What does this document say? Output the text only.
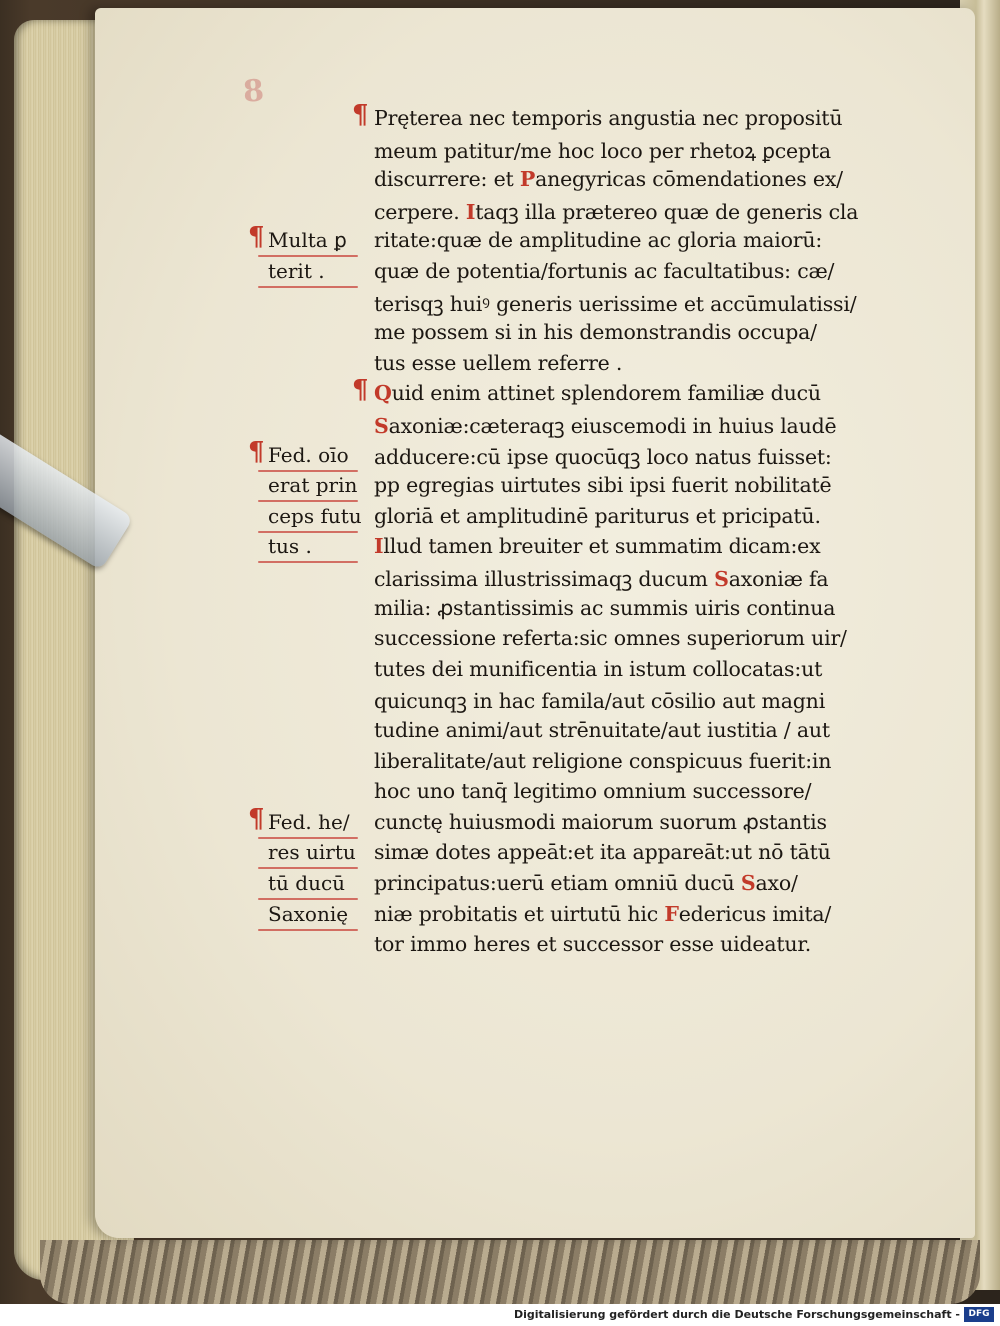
8
¶ Multa ꝑ
terit .
¶ Fed. oīo
erat prin
ceps futu
tus .
¶ Fed. he/
res uirtu
tū ducū
Saxonię
Pręterea nec temporis angustia nec propositū
¶
meum patitur/me hoc loco per rhetoꝝ ꝑcepta
discurrere: et Panegyricas cōmendationes ex/
cerpere. Itaqꝫ illa prӕtereo quӕ de generis cla
ritate:quӕ de amplitudine ac gloria maiorū:
quӕ de potentia/fortunis ac facultatibus: cӕ/
terisqꝫ huiꝰ generis uerissime et accūmulatissi/
me possem si in his demonstrandis occupa/
tus esse uellem referre .
Quid enim attinet splendorem familiӕ ducū
¶
Saxoniӕ:cӕteraqꝫ eiuscemodi in huius laudē
adducere:cū ipse quocūqꝫ loco natus fuisset:
pp egregias uirtutes sibi ipsi fuerit nobilitatē
gloriā et amplitudinē pariturus et pricipatū.
Illud tamen breuiter et summatim dicam:ex
clarissima illustrissimaqꝫ ducum Saxoniӕ fa
milia: ꝓstantissimis ac summis uiris continua
successione referta:sic omnes superiorum uir/
tutes dei munificentia in istum collocatas:ut
quicunqꝫ in hac famila/aut cōsilio aut magni
tudine animi/aut strēnuitate/aut iustitia / aut
liberalitate/aut religione conspicuus fuerit:in
hoc uno tanq̄ legitimo omnium successore/
cunctę huiusmodi maiorum suorum ꝓstantis
simӕ dotes appeāt:et ita appareāt:ut nō tātū
principatus:uerū etiam omniū ducū Saxo/
niӕ probitatis et uirtutū hic Federicus imita/
tor immo heres et successor esse uideatur.
Digitalisierung gefördert durch die Deutsche Forschungsgemeinschaft - DFG
